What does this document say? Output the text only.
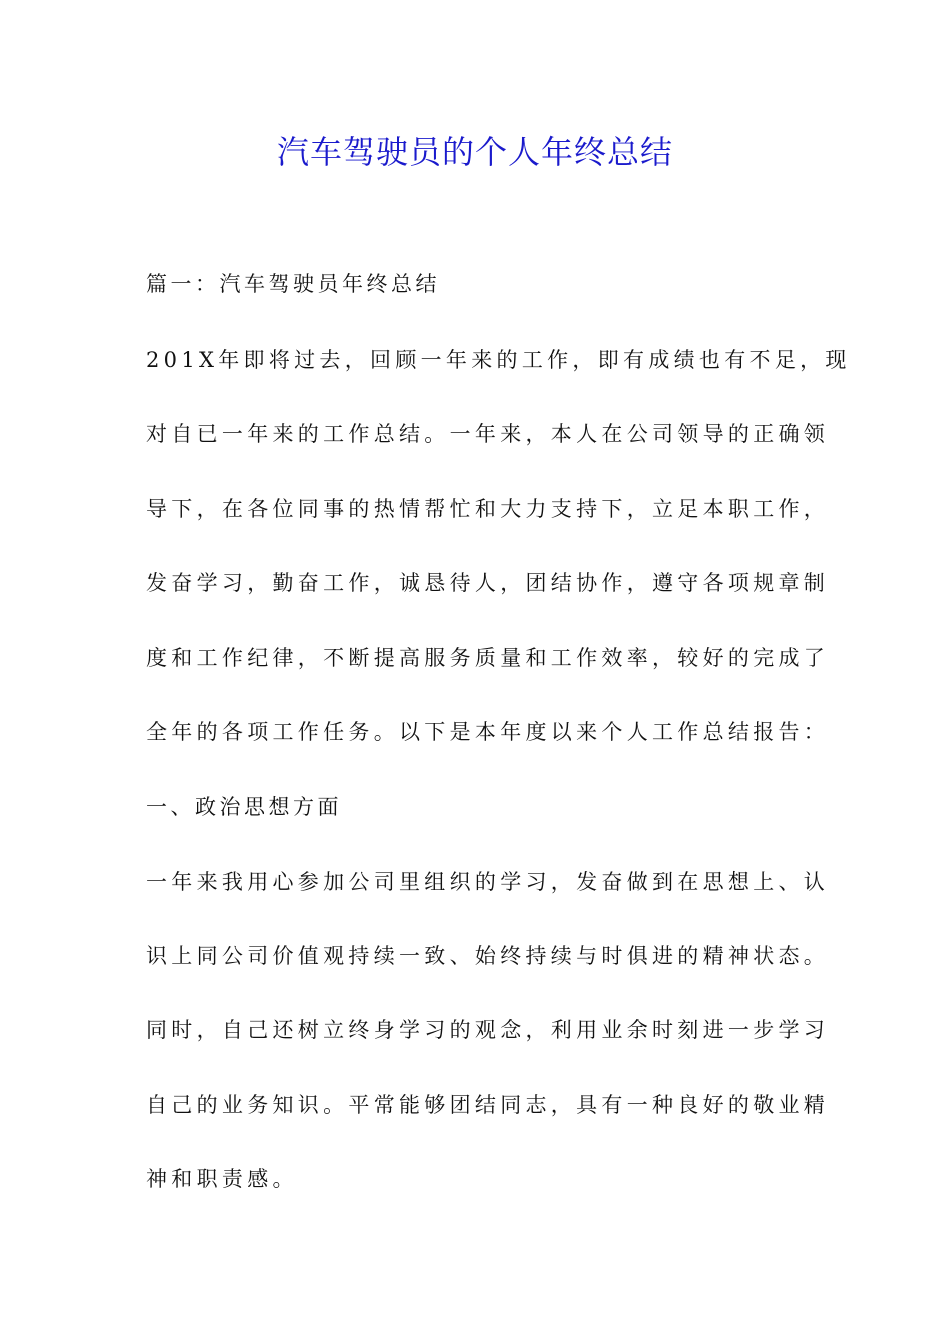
汽车驾驶员的个人年终总结

篇一：汽车驾驶员年终总结

201X年即将过去，回顾一年来的工作，即有成绩也有不足，现

对自已一年来的工作总结。一年来，本人在公司领导的正确领

导下，在各位同事的热情帮忙和大力支持下，立足本职工作，

发奋学习，勤奋工作，诚恳待人，团结协作，遵守各项规章制

度和工作纪律，不断提高服务质量和工作效率，较好的完成了

全年的各项工作任务。以下是本年度以来个人工作总结报告：

一、政治思想方面

一年来我用心参加公司里组织的学习，发奋做到在思想上、认

识上同公司价值观持续一致、始终持续与时俱进的精神状态。

同时，自己还树立终身学习的观念，利用业余时刻进一步学习

自己的业务知识。平常能够团结同志，具有一种良好的敬业精

神和职责感。
